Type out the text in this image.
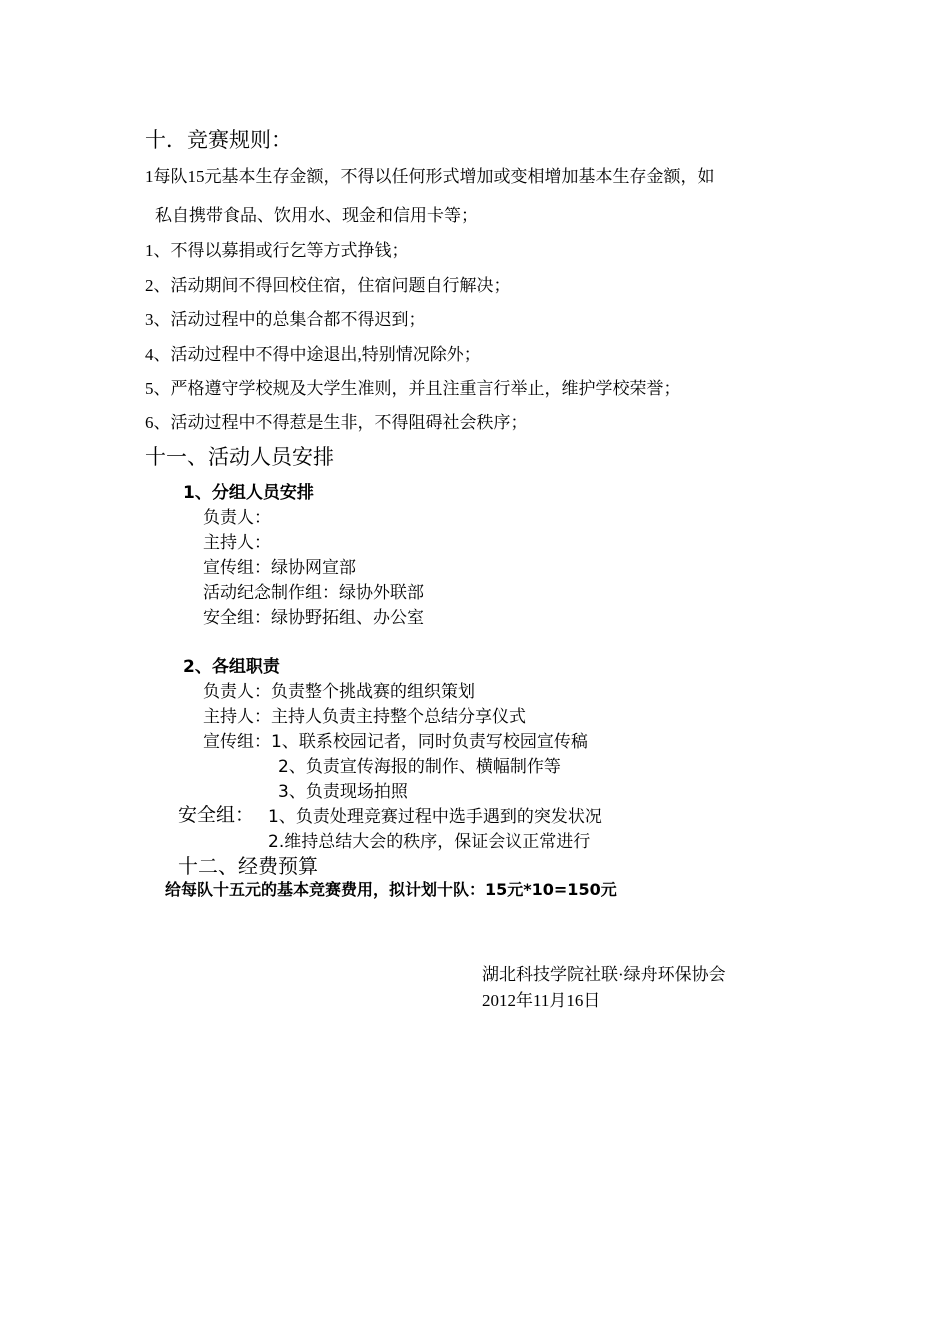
十．竞赛规则：
1每队15元基本生存金额，不得以任何形式增加或变相增加基本生存金额，如
私自携带食品、饮用水、现金和信用卡等；
1、不得以募捐或行乞等方式挣钱；
2、活动期间不得回校住宿，住宿问题自行解决；
3、活动过程中的总集合都不得迟到；
4、活动过程中不得中途退出,特别情况除外；
5、严格遵守学校规及大学生准则，并且注重言行举止，维护学校荣誉；
6、活动过程中不得惹是生非，不得阻碍社会秩序；
十一、活动人员安排
1、分组人员安排
负责人：
主持人：
宣传组：绿协网宣部
活动纪念制作组：绿协外联部
安全组：绿协野拓组、办公室
2、各组职责
负责人：负责整个挑战赛的组织策划
主持人：主持人负责主持整个总结分享仪式
宣传组：1、联系校园记者，同时负责写校园宣传稿
2、负责宣传海报的制作、横幅制作等
3、负责现场拍照
安全组： 1、负责处理竞赛过程中选手遇到的突发状况
2.维持总结大会的秩序，保证会议正常进行
十二、经费预算
给每队十五元的基本竞赛费用，拟计划十队：15元*10=150元
湖北科技学院社联·绿舟环保协会
2012年11月16日
